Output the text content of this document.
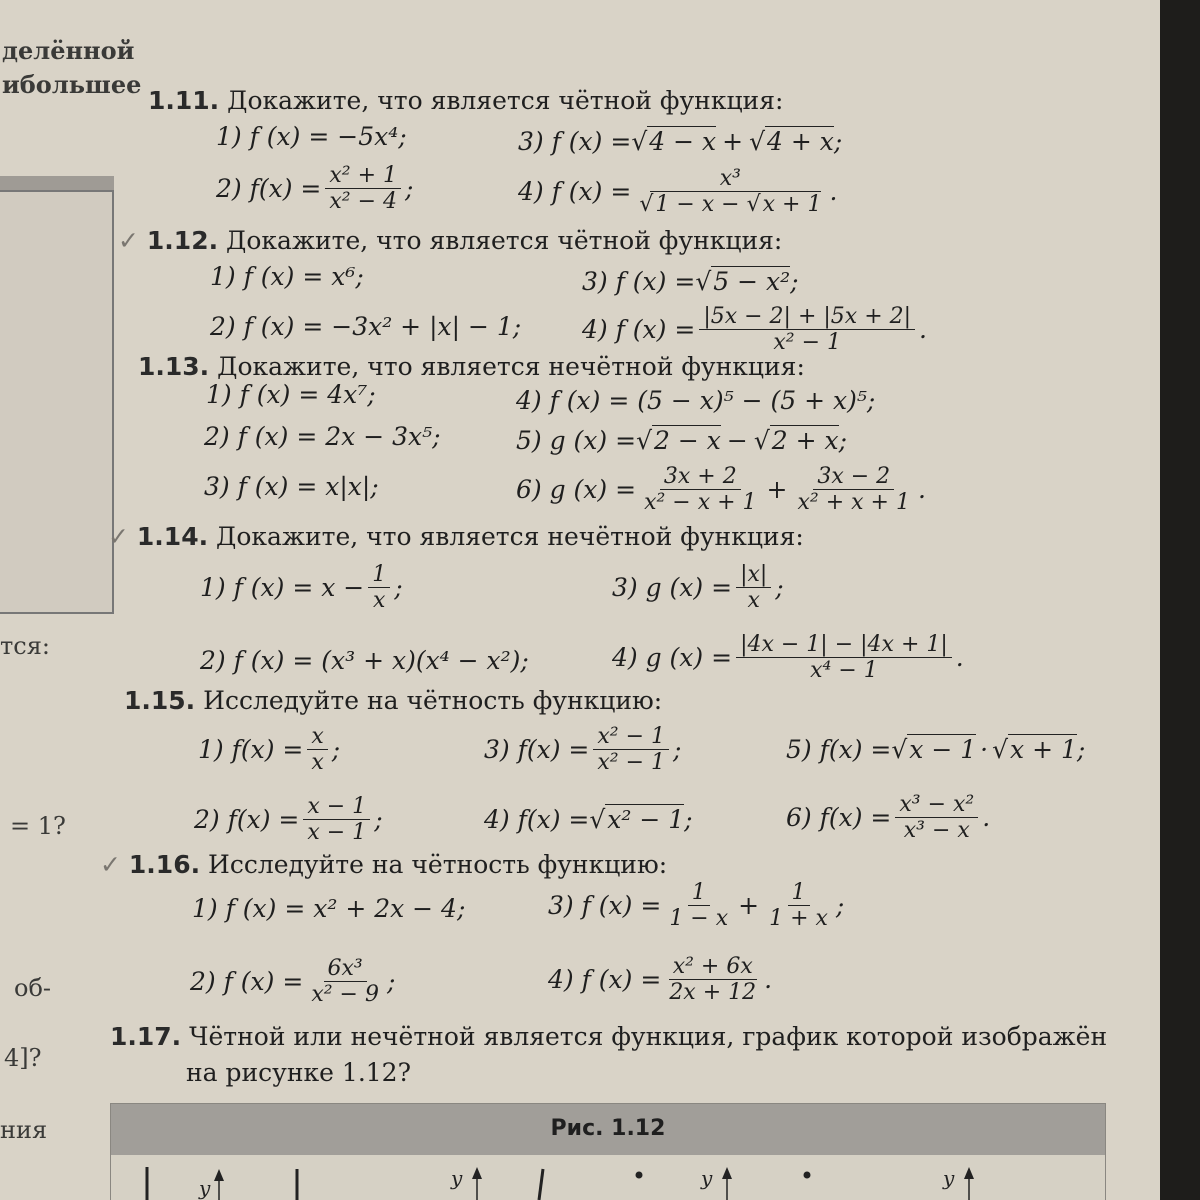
делённой
ибольшее
тся:
= 1?
об-
4]?
ния
1.11. Докажите, что является чётной функция:
1) f (x) = −5x⁴;	3) f (x) = √ 4 − x + √ 4 + x ;
2) $f(x) = \frac{\text{x² + 1}}{\text{x² − 4}}$ ;	4) f $(x) = \frac{\text{x³}}{√1 - x - √x + 1}$ .
✓ 1.12. Докажите, что является чётной функция:
1) f (x) = x⁶;	3) f (x) = √ 5 − x² ;
2) f (x) = −3x² + |x| − 1; 4) f $(x) = \frac{|5x - 2| + |5x + 2|}{\text{x² − 1}}$ .
1.13. Докажите, что является нечётной функция:
1) f (x) = 4x⁷;	4) f (x) = (5 − x)⁵ − (5 + x)⁵;
2) f (x) = 2x − 3x⁵;	5) g (x) = √ 2 − x − √ 2 + x ;
3) f (x) = x|x|;	6) g $(x) = \frac{3x + 2}{\text{x² − x + 1}} + \frac{3x - 2}{\text{x² + x + 1}}$ .
✓ 1.14. Докажите, что является нечётной функция:
1) f $(x) = x - \frac{1}{x}$ ;	3) g $(x) = \frac{|x|}{x}$ ;
2) f (x) = (x³ + x)(x⁴ − x²);	4) g $(x) = \frac{|4x - 1| - |4x + 1|}{\text{x⁴ − 1}}$ .
1.15. Исследуйте на чётность функцию:
1) $f(x) = \frac{x}{x}$ ;	3) $f(x) = \frac{\text{x² − 1}}{\text{x² − 1}}$ ;	5) f(x) = √ x − 1 · √ x + 1 ;
2) $f(x) = \frac{x - 1}{x - 1}$ ;	4) f(x) = √ x² − 1 ;	6) $f(x) = \frac{\text{x³ − x²}}{\text{x³ − x}}$ .
✓ 1.16. Исследуйте на чётность функцию:
1) f (x) = x² + 2x − 4;	3) f $(x) = \frac{1}{1 - x} + \frac{1}{1 + x}$ ;
2) f $(x) = \frac{\text{6x³}}{\text{x² − 9}}$ ;	4) f $(x) = \frac{\text{x² + 6x}}{2x + 12}$ .
1.17. Чётной или нечётной является функция, график которой изображён
на рисунке 1.12?
Рис. 1.12
y	y	y	y
